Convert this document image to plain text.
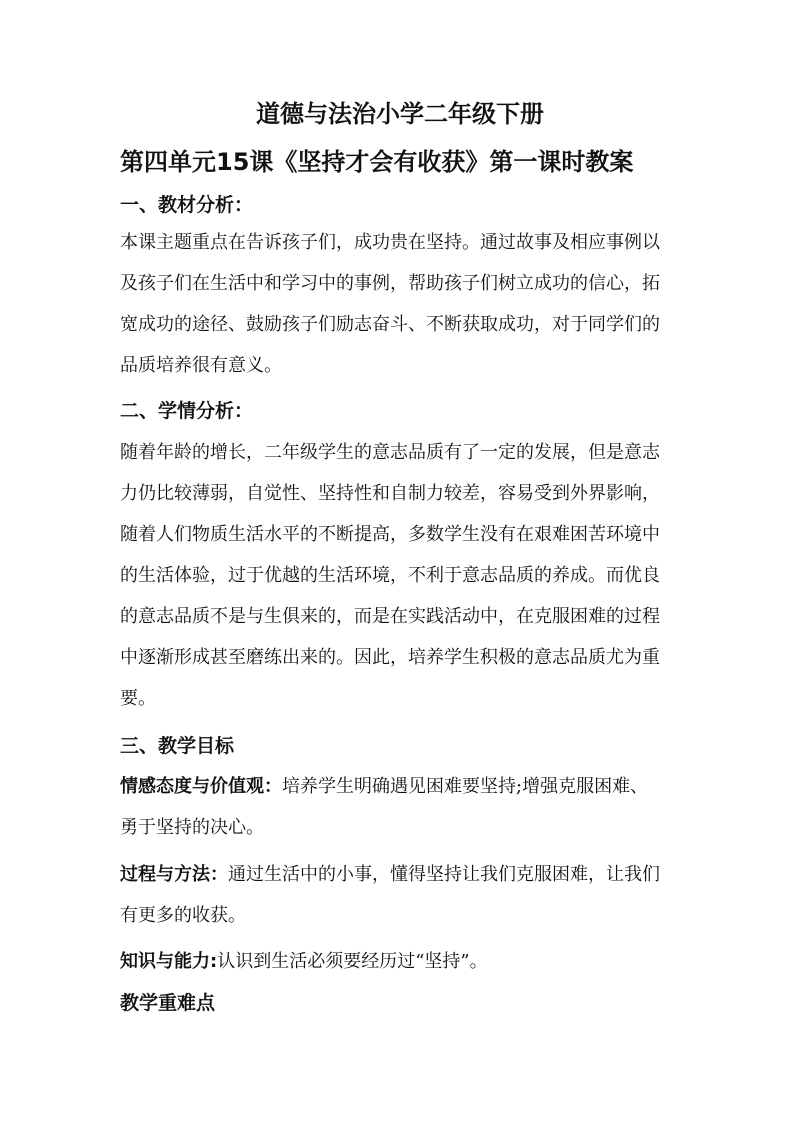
道德与法治小学二年级下册
第四单元15课《坚持才会有收获》第一课时教案
一、教材分析：
本课主题重点在告诉孩子们，成功贵在坚持。通过故事及相应事例以
及孩子们在生活中和学习中的事例，帮助孩子们树立成功的信心，拓
宽成功的途径、鼓励孩子们励志奋斗、不断获取成功，对于同学们的
品质培养很有意义。
二、学情分析：
随着年龄的增长，二年级学生的意志品质有了一定的发展，但是意志
力仍比较薄弱，自觉性、坚持性和自制力较差，容易受到外界影响，
随着人们物质生活水平的不断提高，多数学生没有在艰难困苦环境中
的生活体验，过于优越的生活环境，不利于意志品质的养成。而优良
的意志品质不是与生俱来的，而是在实践活动中，在克服困难的过程
中逐渐形成甚至磨练出来的。因此，培养学生积极的意志品质尤为重
要。
三、教学目标
情感态度与价值观：培养学生明确遇见困难要坚持;增强克服困难、
勇于坚持的决心。
过程与方法：通过生活中的小事，懂得坚持让我们克服困难，让我们
有更多的收获。
知识与能力:认识到生活必须要经历过“坚持”。
教学重难点
